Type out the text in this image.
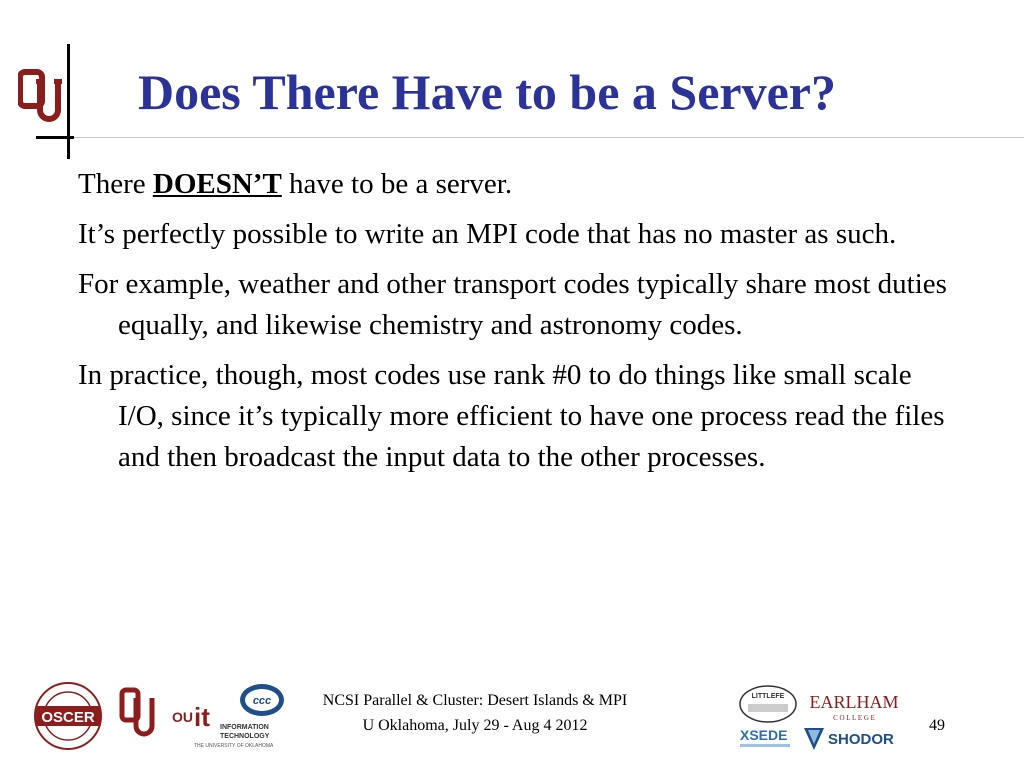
Does There Have to be a Server?
There DOESN’T have to be a server.
It’s perfectly possible to write an MPI code that has no master as such.
For example, weather and other transport codes typically share most duties equally, and likewise chemistry and astronomy codes.
In practice, though, most codes use rank #0 to do things like small scale I/O, since it’s typically more efficient to have one process read the files and then broadcast the input data to the other processes.
OSCER	OU it INFORMATION
TECHNOLOGY
THE UNIVERSITY OF OKLAHOMA
ccc	NCSI Parallel & Cluster: Desert Islands & MPI
U Oklahoma, July 29 - Aug 4 2012
LITTLEFE EARLHAM
C O L L E G E
XSEDE	SHODOR
49
